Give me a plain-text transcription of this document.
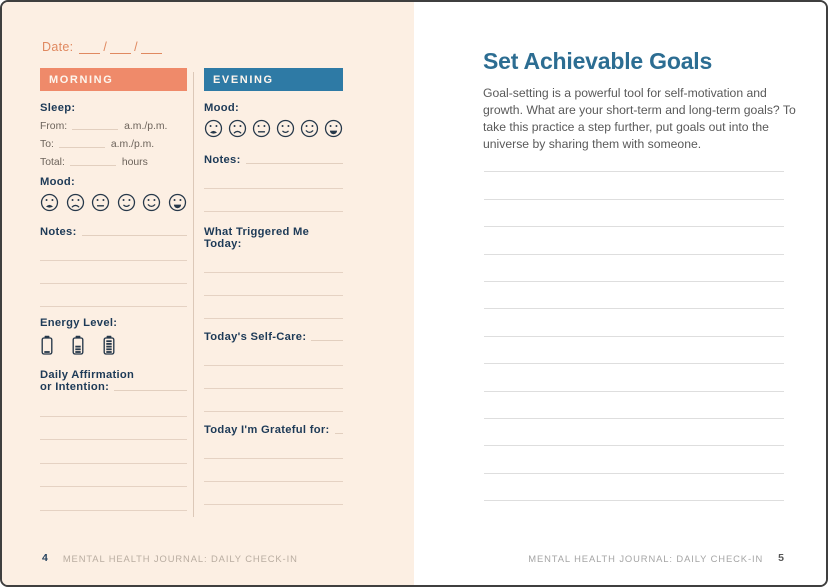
Date: / /
MORNING
Sleep:
From:	a.m./p.m.
To:	a.m./p.m.
Total:	hours
Mood:
Notes:
Energy Level:
Daily Affirmation
or Intention:
EVENING
Mood:
Notes:
What Triggered Me Today:
Today's Self-Care:
Today I'm Grateful for:
4 MENTAL HEALTH JOURNAL: DAILY CHECK-IN
Set Achievable Goals
Goal-setting is a powerful tool for self-motivation and growth. What are your short-term and long-term goals? To take this practice a step further, put goals out into the universe by sharing them with someone.
MENTAL HEALTH JOURNAL: DAILY CHECK-IN 5
